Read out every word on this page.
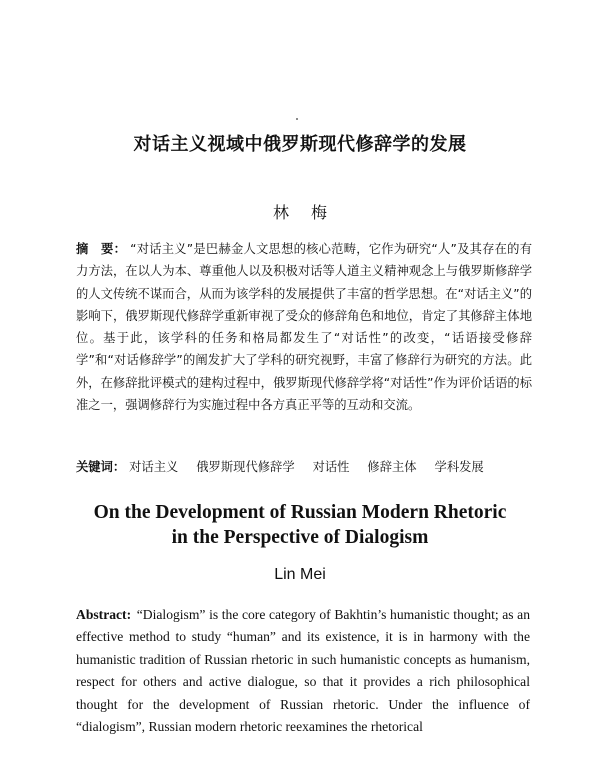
对话主义视域中俄罗斯现代修辞学的发展
林梅
摘　要： “对话主义”是巴赫金人文思想的核心范畴，它作为研究“人”及其存在的有力方法，在以人为本、尊重他人以及积极对话等人道主义精神观念上与俄罗斯修辞学的人文传统不谋而合，从而为该学科的发展提供了丰富的哲学思想。在“对话主义”的影响下，俄罗斯现代修辞学重新审视了受众的修辞角色和地位，肯定了其修辞主体地位。基于此，该学科的任务和格局都发生了“对话性”的改变，“话语接受修辞学”和“对话修辞学”的阐发扩大了学科的研究视野，丰富了修辞行为研究的方法。此外，在修辞批评模式的建构过程中，俄罗斯现代修辞学将“对话性”作为评价话语的标准之一，强调修辞行为实施过程中各方真正平等的互动和交流。
关键词： 对话主义 俄罗斯现代修辞学 对话性 修辞主体 学科发展
On the Development of Russian Modern Rhetoric
in the Perspective of Dialogism
Lin Mei
Abstract: “Dialogism” is the core category of Bakhtin’s humanistic thought; as an effective method to study “human” and its existence, it is in harmony with the humanistic tradition of Russian rhetoric in such humanistic concepts as humanism, respect for others and active dialogue, so that it provides a rich philosophical thought for the development of Russian rhetoric. Under the influence of “dialogism”, Russian modern rhetoric reexamines the rhetorical
